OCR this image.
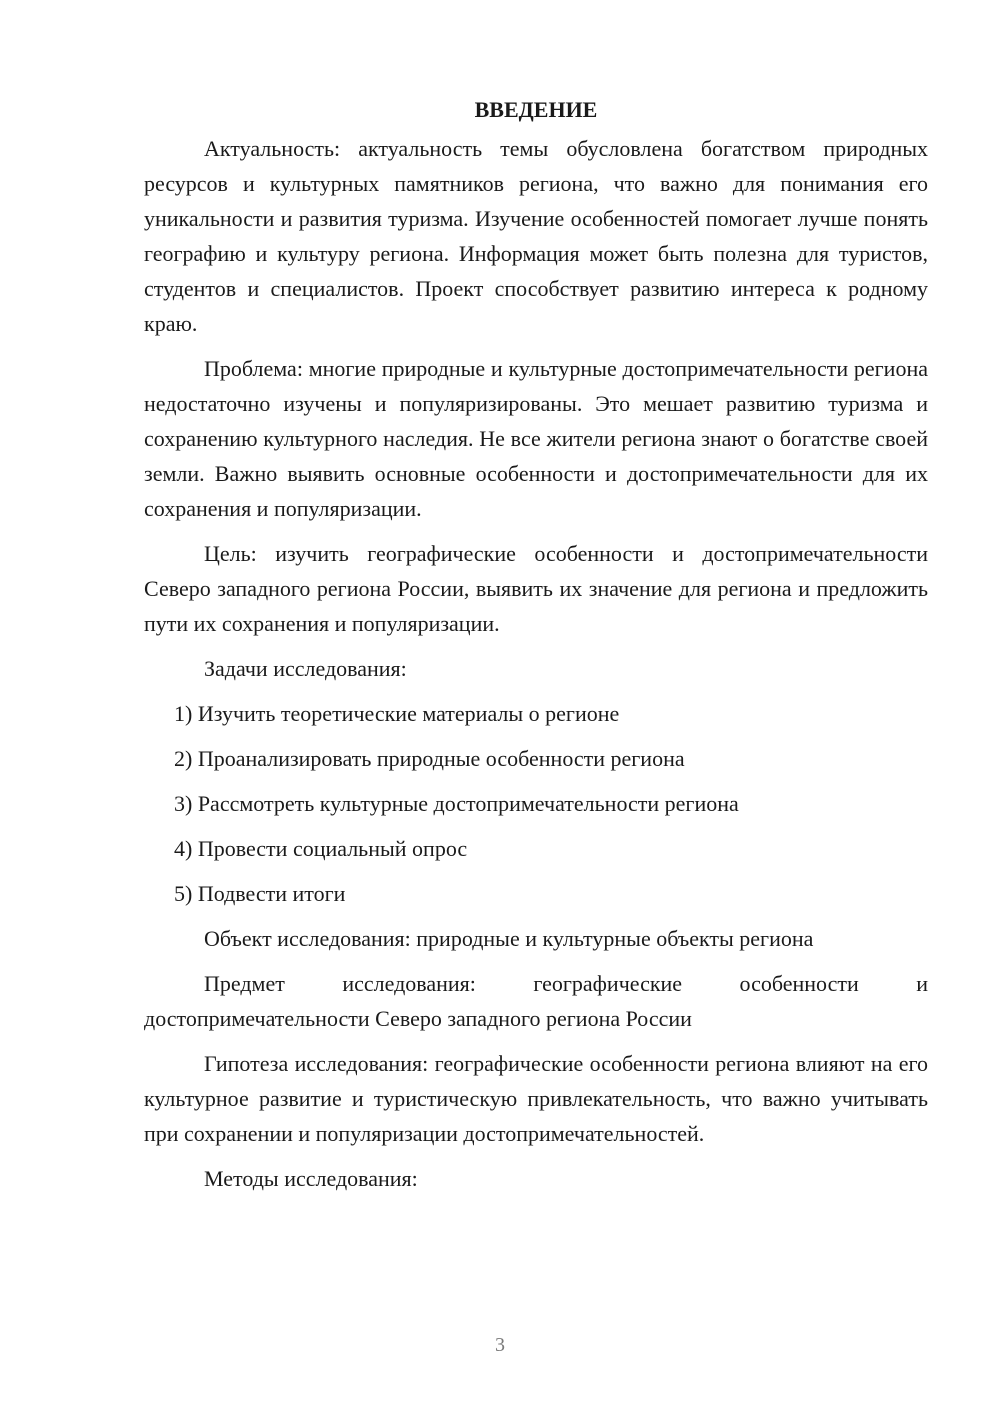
ВВЕДЕНИЕ

Актуальность: актуальность темы обусловлена богатством природных ресурсов и культурных памятников региона, что важно для понимания его уникальности и развития туризма. Изучение особенностей помогает лучше понять географию и культуру региона. Информация может быть полезна для туристов, студентов и специалистов. Проект способствует развитию интереса к родному краю.

Проблема: многие природные и культурные достопримечательности региона недостаточно изучены и популяризированы. Это мешает развитию туризма и сохранению культурного наследия. Не все жители региона знают о богатстве своей земли. Важно выявить основные особенности и достопримечательности для их сохранения и популяризации.

Цель: изучить географические особенности и достопримечательности Северо западного региона России, выявить их значение для региона и предложить пути их сохранения и популяризации.

Задачи исследования:

1) Изучить теоретические материалы о регионе
2) Проанализировать природные особенности региона
3) Рассмотреть культурные достопримечательности региона
4) Провести социальный опрос
5) Подвести итоги

Объект исследования: природные и культурные объекты региона

Предмет исследования: географические особенности и достопримечательности Северо западного региона России

Гипотеза исследования: географические особенности региона влияют на его культурное развитие и туристическую привлекательность, что важно учитывать при сохранении и популяризации достопримечательностей.

Методы исследования:

3
